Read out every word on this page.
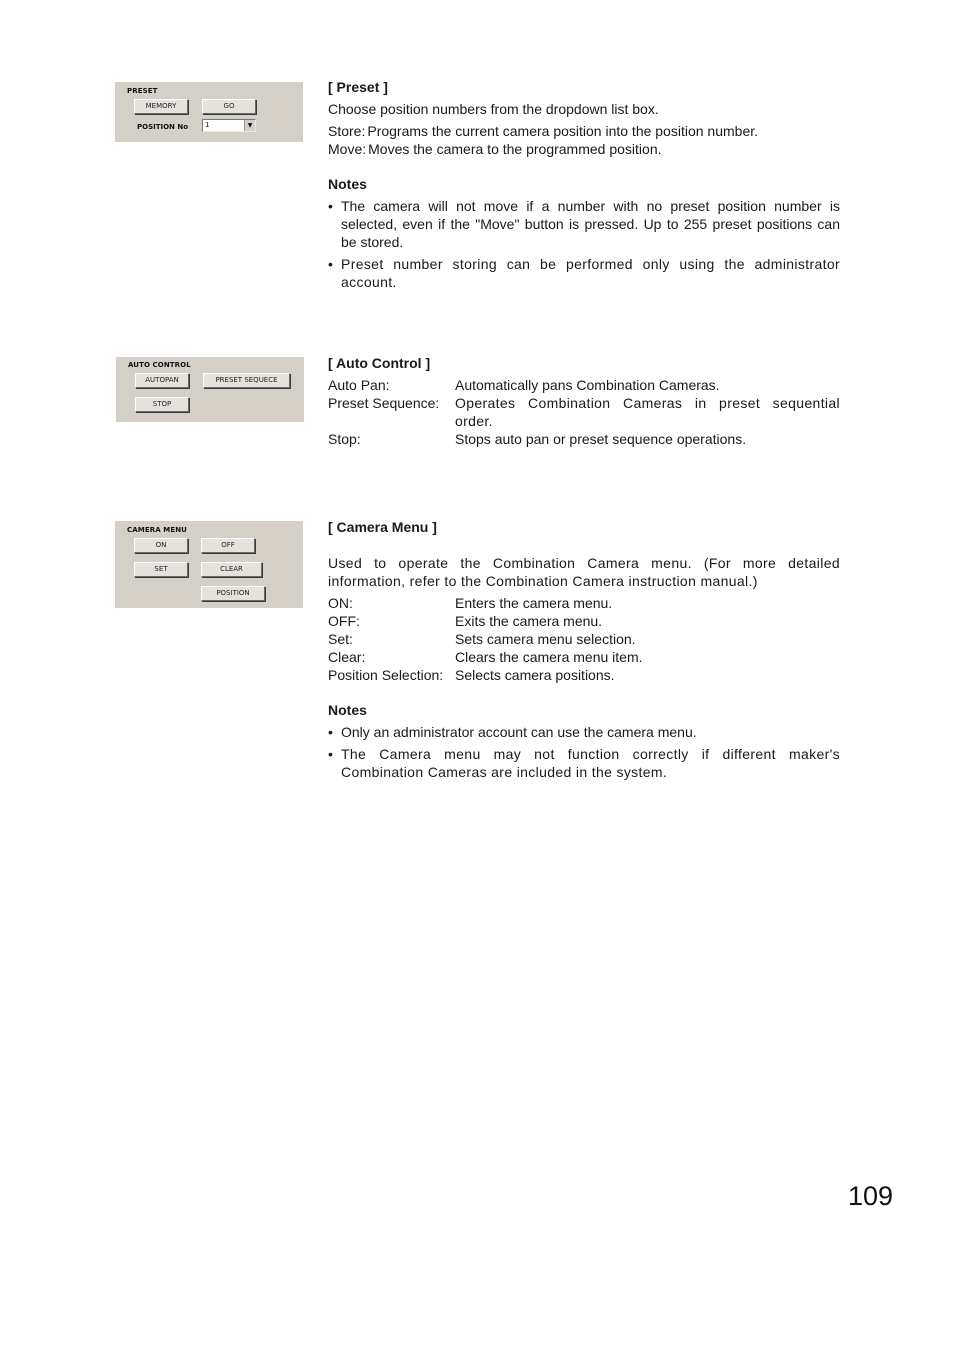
PRESET
MEMORY	GO
POSITION No	1	▼
AUTO CONTROL
AUTOPAN	PRESET SEQUECE
STOP
CAMERA MENU
ON	OFF
SET	CLEAR
POSITION
[ Preset ]
Choose position numbers from the dropdown list box.
Store: Programs the current camera position into the position number.
Move: Moves the camera to the programmed position.
Notes
• The camera will not move if a number with no preset position number is selected, even if the "Move" button is pressed. Up to 255 preset positions can be stored.
• Preset number storing can be performed only using the administrator account.
[ Auto Control ]
Auto Pan:	Automatically pans Combination Cameras.
Preset Sequence:	Operates Combination Cameras in preset sequential order.
Stop:	Stops auto pan or preset sequence operations.
[ Camera Menu ]
Used to operate the Combination Camera menu. (For more detailed information, refer to the Combination Camera instruction manual.)
ON:	Enters the camera menu.
OFF:	Exits the camera menu.
Set:	Sets camera menu selection.
Clear:	Clears the camera menu item.
Position Selection: Selects camera positions.
Notes
• Only an administrator account can use the camera menu.
• The Camera menu may not function correctly if different maker's Combination Cameras are included in the system.
109
